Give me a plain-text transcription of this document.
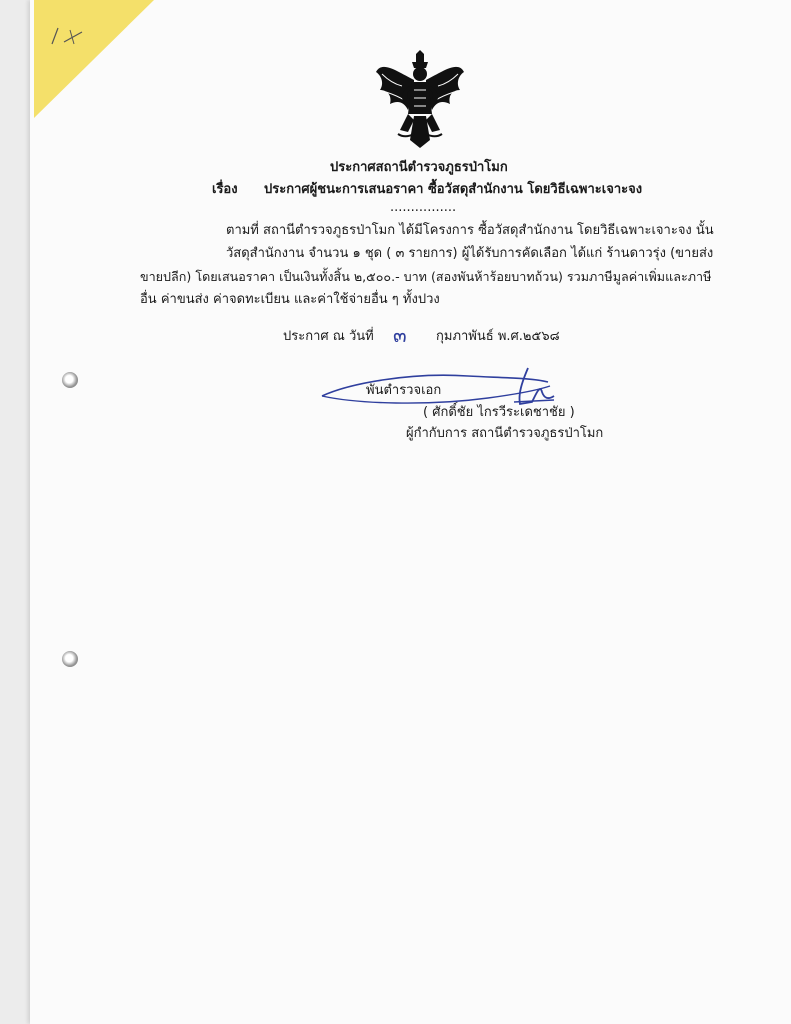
ประกาศสถานีตำรวจภูธรป่าโมก
เรื่อง ประกาศผู้ชนะการเสนอราคา ซื้อวัสดุสำนักงาน โดยวิธีเฉพาะเจาะจง
................
ตามที่ สถานีตำรวจภูธรป่าโมก ได้มีโครงการ ซื้อวัสดุสำนักงาน โดยวิธีเฉพาะเจาะจง นั้น
วัสดุสำนักงาน จำนวน ๑ ชุด ( ๓ รายการ) ผู้ได้รับการคัดเลือก ได้แก่ ร้านดาวรุ่ง (ขายส่ง
ขายปลีก) โดยเสนอราคา เป็นเงินทั้งสิ้น ๒,๕๐๐.- บาท (สองพันห้าร้อยบาทถ้วน) รวมภาษีมูลค่าเพิ่มและภาษี
อื่น ค่าขนส่ง ค่าจดทะเบียน และค่าใช้จ่ายอื่น ๆ ทั้งปวง
ประกาศ ณ วันที่ ๓ กุมภาพันธ์ พ.ศ.๒๕๖๘
พันตำรวจเอก
( ศักดิ์ชัย ไกรวีระเดชาชัย )
ผู้กำกับการ สถานีตำรวจภูธรป่าโมก
